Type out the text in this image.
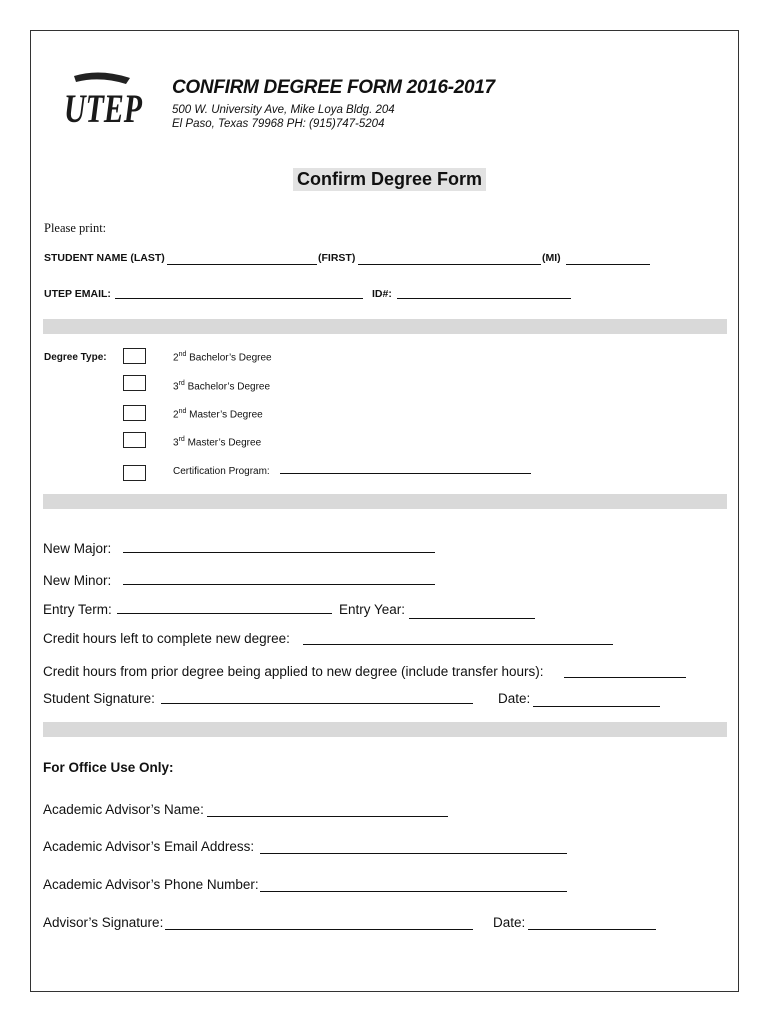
UTEP CONFIRM DEGREE FORM 2016-2017
500 W. University Ave, Mike Loya Bldg. 204
El Paso, Texas 79968 PH: (915)747-5204
Confirm Degree Form
Please print:
STUDENT NAME (LAST)	(FIRST)	(MI)
UTEP EMAIL:	ID#:
Degree Type:	2nd Bachelor’s Degree
3rd Bachelor’s Degree
2nd Master’s Degree
3rd Master’s Degree
Certification Program:
New Major:
New Minor:
Entry Term:	Entry Year:
Credit hours left to complete new degree:
Credit hours from prior degree being applied to new degree (include transfer hours):
Student Signature:	Date:
For Office Use Only:
Academic Advisor’s Name:
Academic Advisor’s Email Address:
Academic Advisor’s Phone Number:
Advisor’s Signature:	Date:
